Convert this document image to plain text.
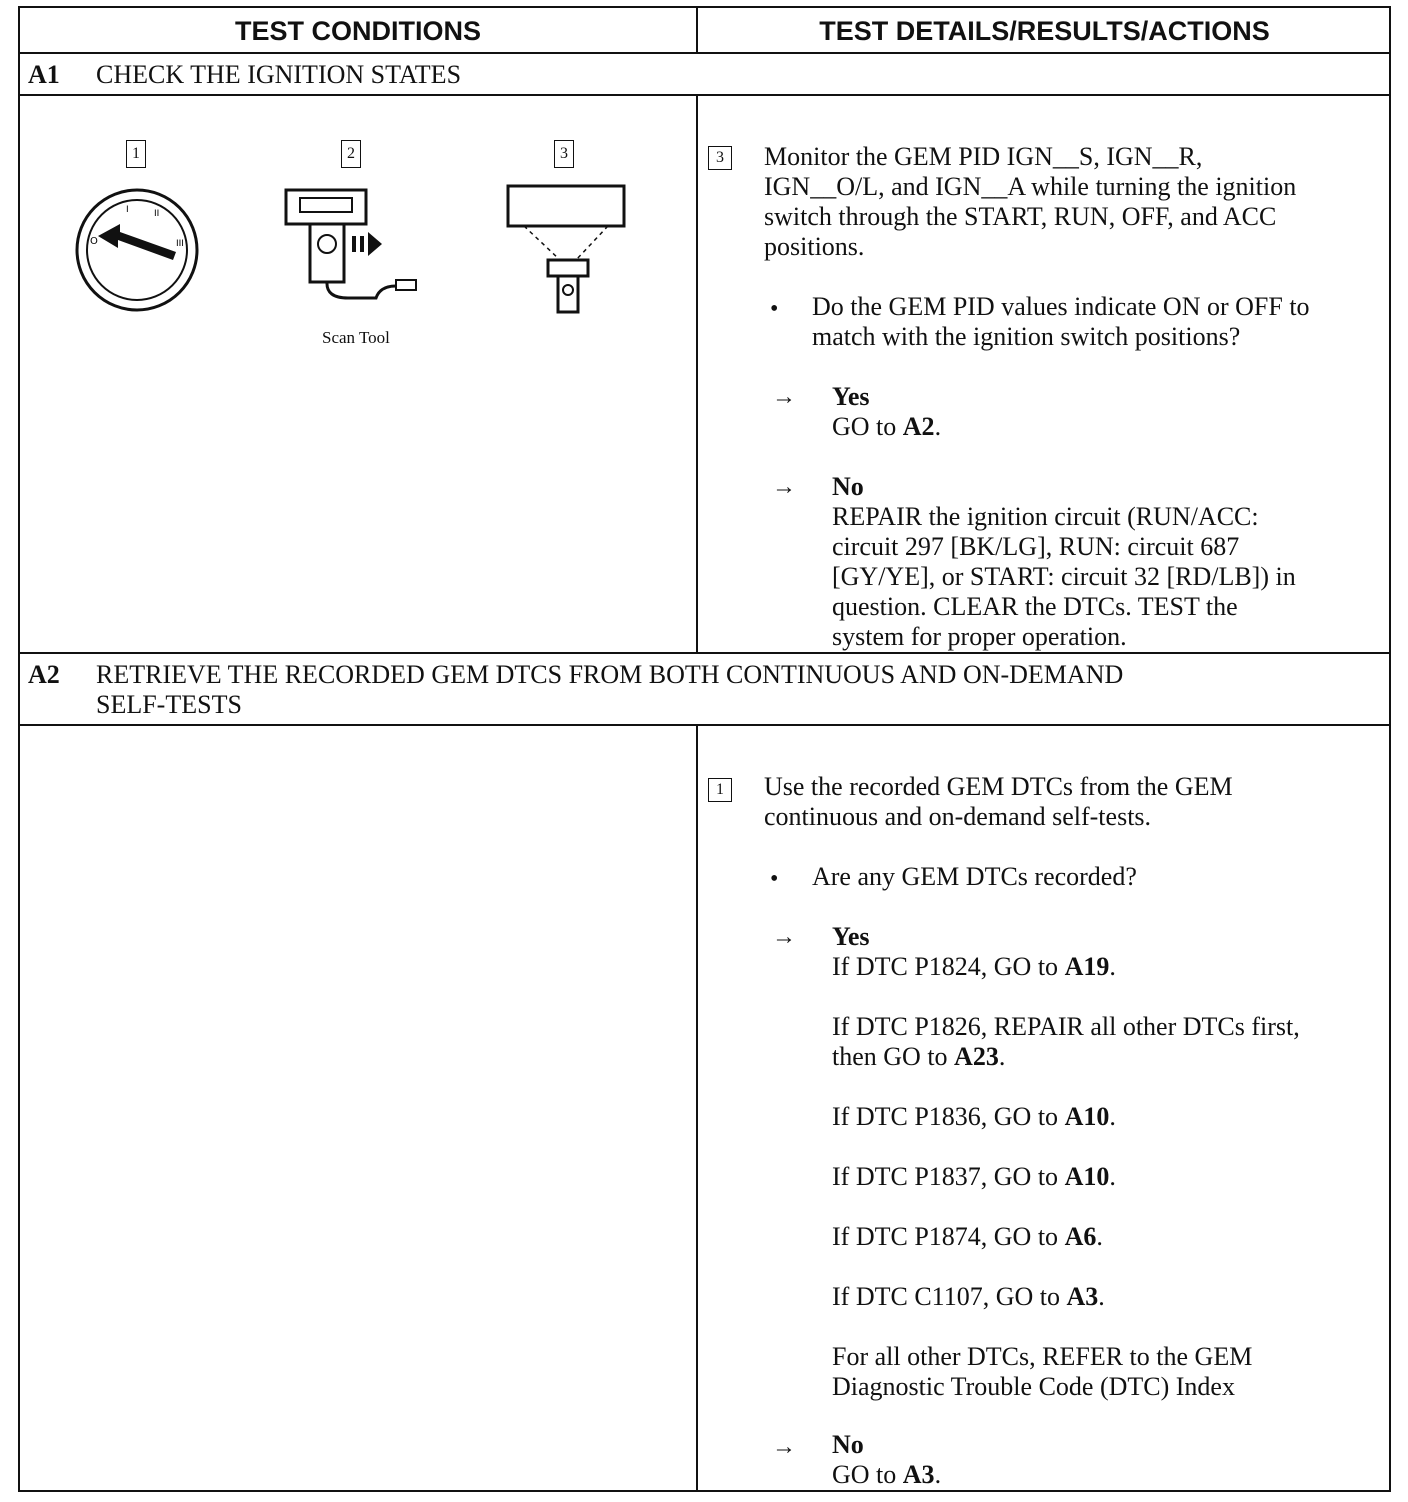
TEST CONDITIONS	TEST DETAILS/RESULTS/ACTIONS
A1 CHECK THE IGNITION STATES
1	2	3
O
I	II
III
Scan Tool
3	Monitor the GEM PID IGN__S, IGN__R,
IGN__O/L, and IGN__A while turning the ignition
switch through the START, RUN, OFF, and ACC
positions.
• Do the GEM PID values indicate ON or OFF to
match with the ignition switch positions?
→ Yes
GO to A2.
→ No
REPAIR the ignition circuit (RUN/ACC:
circuit 297 [BK/LG], RUN: circuit 687
[GY/YE], or START: circuit 32 [RD/LB]) in
question. CLEAR the DTCs. TEST the
system for proper operation.
A2 RETRIEVE THE RECORDED GEM DTCS FROM BOTH CONTINUOUS AND ON-DEMAND
SELF-TESTS
1	Use the recorded GEM DTCs from the GEM
continuous and on-demand self-tests.
• Are any GEM DTCs recorded?
→ Yes
If DTC P1824, GO to A19.
If DTC P1826, REPAIR all other DTCs first,
then GO to A23.
If DTC P1836, GO to A10.
If DTC P1837, GO to A10.
If DTC P1874, GO to A6.
If DTC C1107, GO to A3.
For all other DTCs, REFER to the GEM
Diagnostic Trouble Code (DTC) Index
→ No
GO to A3.
